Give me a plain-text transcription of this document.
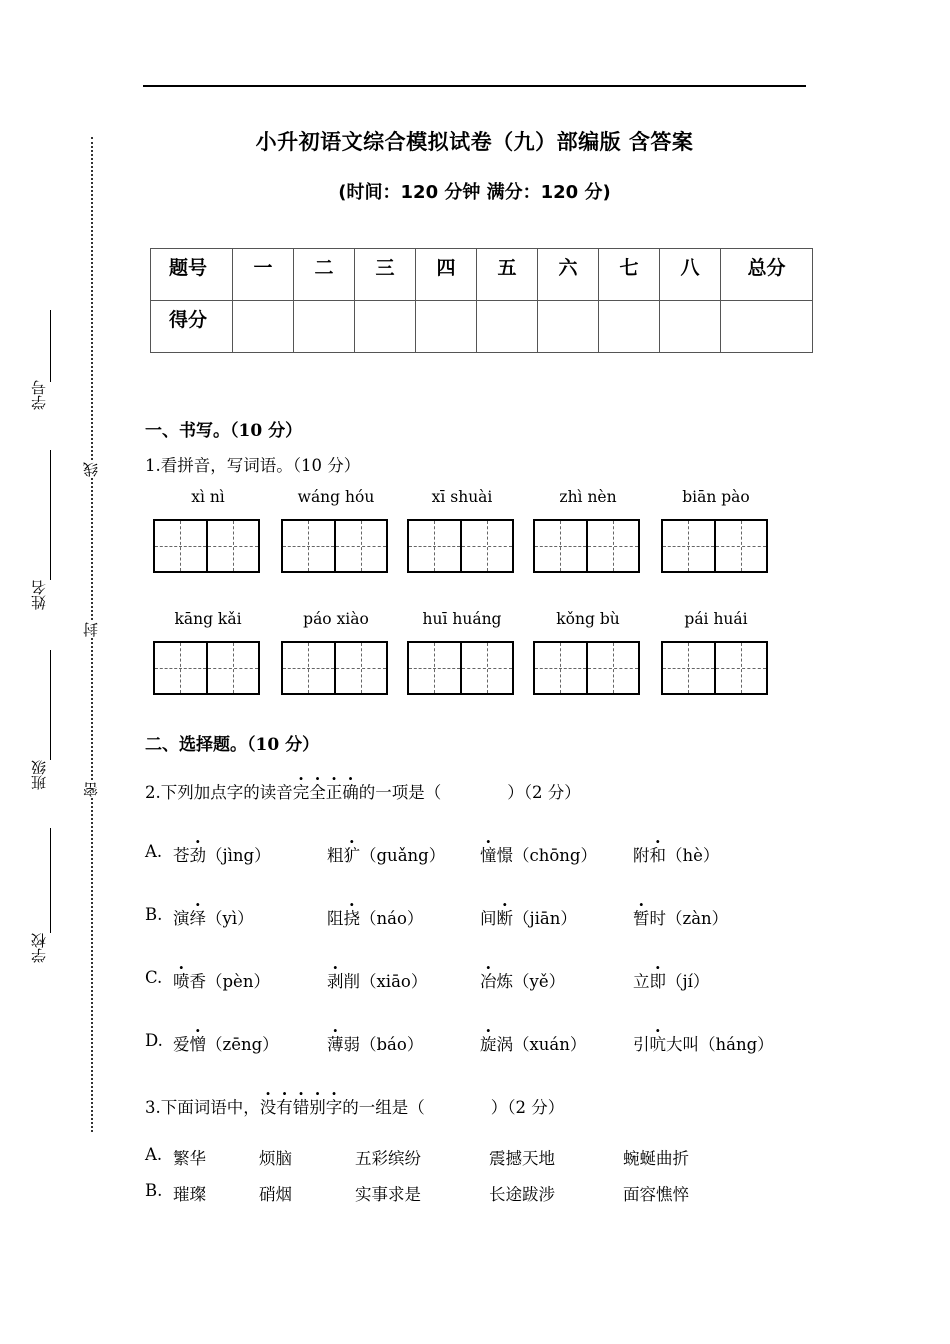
小升初语文综合模拟试卷（九）部编版 含答案
(时间：120 分钟 满分：120 分)
题号	一	二	三	四	五	六	七	八	总分
得分									
线
封
密
学号
姓名
班级
学校
一、书写。（10 分）
1.看拼音，写词语。（10 分）
xì nì	wáng hóu	xī shuài	zhì nèn	biān pào
kāng kǎi	páo xiào	huī huáng	kǒng bù	pái huái
二、选择题。（10 分）
2.下列加点字的读音完全正确的一项是（　　　　）（2 分）
A. 苍劲（jìng）	粗犷（guǎng） 憧憬（chōng） 附和（hè）
B. 演绎（yì）	阻挠（náo）	间断（jiān）	暂时（zàn）
C. 喷香（pèn）	剥削（xiāo）	冶炼（yě）	立即（jí）
D. 爱憎（zēng）	薄弱（báo）	旋涡（xuán）	引吭大叫（háng）
3.下面词语中，没有错别字的一组是（　　　　）（2 分）
A. 繁华	烦脑	五彩缤纷	震撼天地	蜿蜒曲折
B. 璀璨	硝烟	实事求是	长途跋涉	面容憔悴
